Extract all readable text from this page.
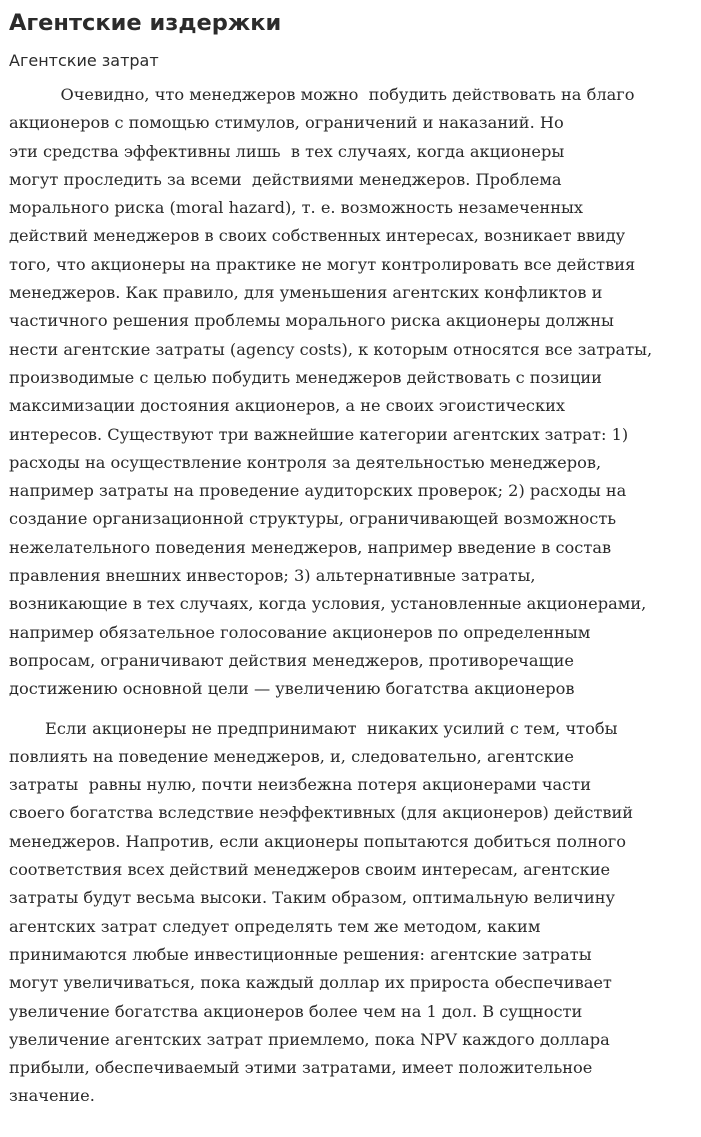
Агентские издержки
Агентские затрат

Очевидно, что менеджеров можно  побудить действовать на благо
акционеров с помощью стимулов, ограничений и наказаний. Но
эти средства эффективны лишь  в тех случаях, когда акционеры
могут проследить за всеми  действиями менеджеров. Проблема
морального риска (moral hazard), т. е. возможность незамеченных
действий менеджеров в своих собственных интересах, возникает ввиду
того, что акционеры на практике не могут контролировать все действия
менеджеров. Как правило, для уменьшения агентских конфликтов и
частичного решения проблемы морального риска акционеры должны
нести агентские затраты (agency costs), к которым относятся все затраты,
производимые с целью побудить менеджеров действовать с позиции
максимизации достояния акционеров, а не своих эгоистических
интересов. Существуют три важнейшие категории агентских затрат: 1)
расходы на осуществление контроля за деятельностью менеджеров,
например затраты на проведение аудиторских проверок; 2) расходы на
создание организационной структуры, ограничивающей возможность
нежелательного поведения менеджеров, например введение в состав
правления внешних инвесторов; 3) альтернативные затраты,
возникающие в тех случаях, когда условия, установленные акционерами,
например обязательное голосование акционеров по определенным
вопросам, ограничивают действия менеджеров, противоречащие
достижению основной цели — увеличению богатства акционеров

Если акционеры не предпринимают  никаких усилий с тем, чтобы
повлиять на поведение менеджеров, и, следовательно, агентские
затраты  равны нулю, почти неизбежна потеря акционерами части
своего богатства вследствие неэффективных (для акционеров) действий
менеджеров. Напротив, если акционеры попытаются добиться полного
соответствия всех действий менеджеров своим интересам, агентские
затраты будут весьма высоки. Таким образом, оптимальную величину
агентских затрат следует определять тем же методом, каким
принимаются любые инвестиционные решения: агентские затраты
могут увеличиваться, пока каждый доллар их прироста обеспечивает
увеличение богатства акционеров более чем на 1 дол. В сущности
увеличение агентских затрат приемлемо, пока NPV каждого доллара
прибыли, обеспечиваемый этими затратами, имеет положительное
значение.
